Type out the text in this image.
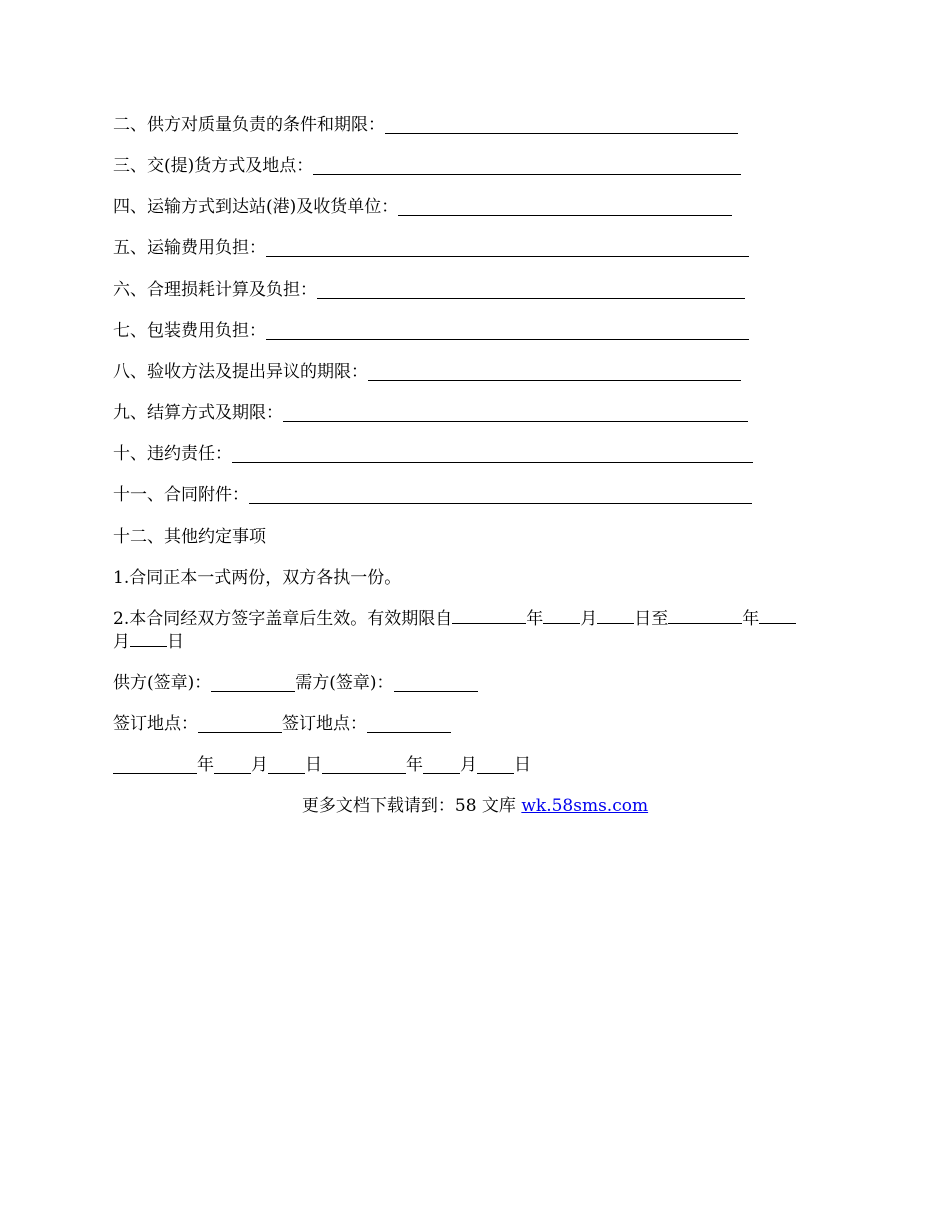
二、供方对质量负责的条件和期限：
三、交(提)货方式及地点：
四、运输方式到达站(港)及收货单位：
五、运输费用负担：
六、合理损耗计算及负担：
七、包装费用负担：
八、验收方法及提出异议的期限：
九、结算方式及期限：
十、违约责任：
十一、合同附件：
十二、其他约定事项
1.合同正本一式两份，双方各执一份。
2.本合同经双方签字盖章后生效。有效期限自	年 月 日至	年
月 日
供方(签章)：	需方(签章)：
签订地点：	签订地点：
年 月 日	年 月 日
更多文档下载请到：58 文库 wk.58sms.com
